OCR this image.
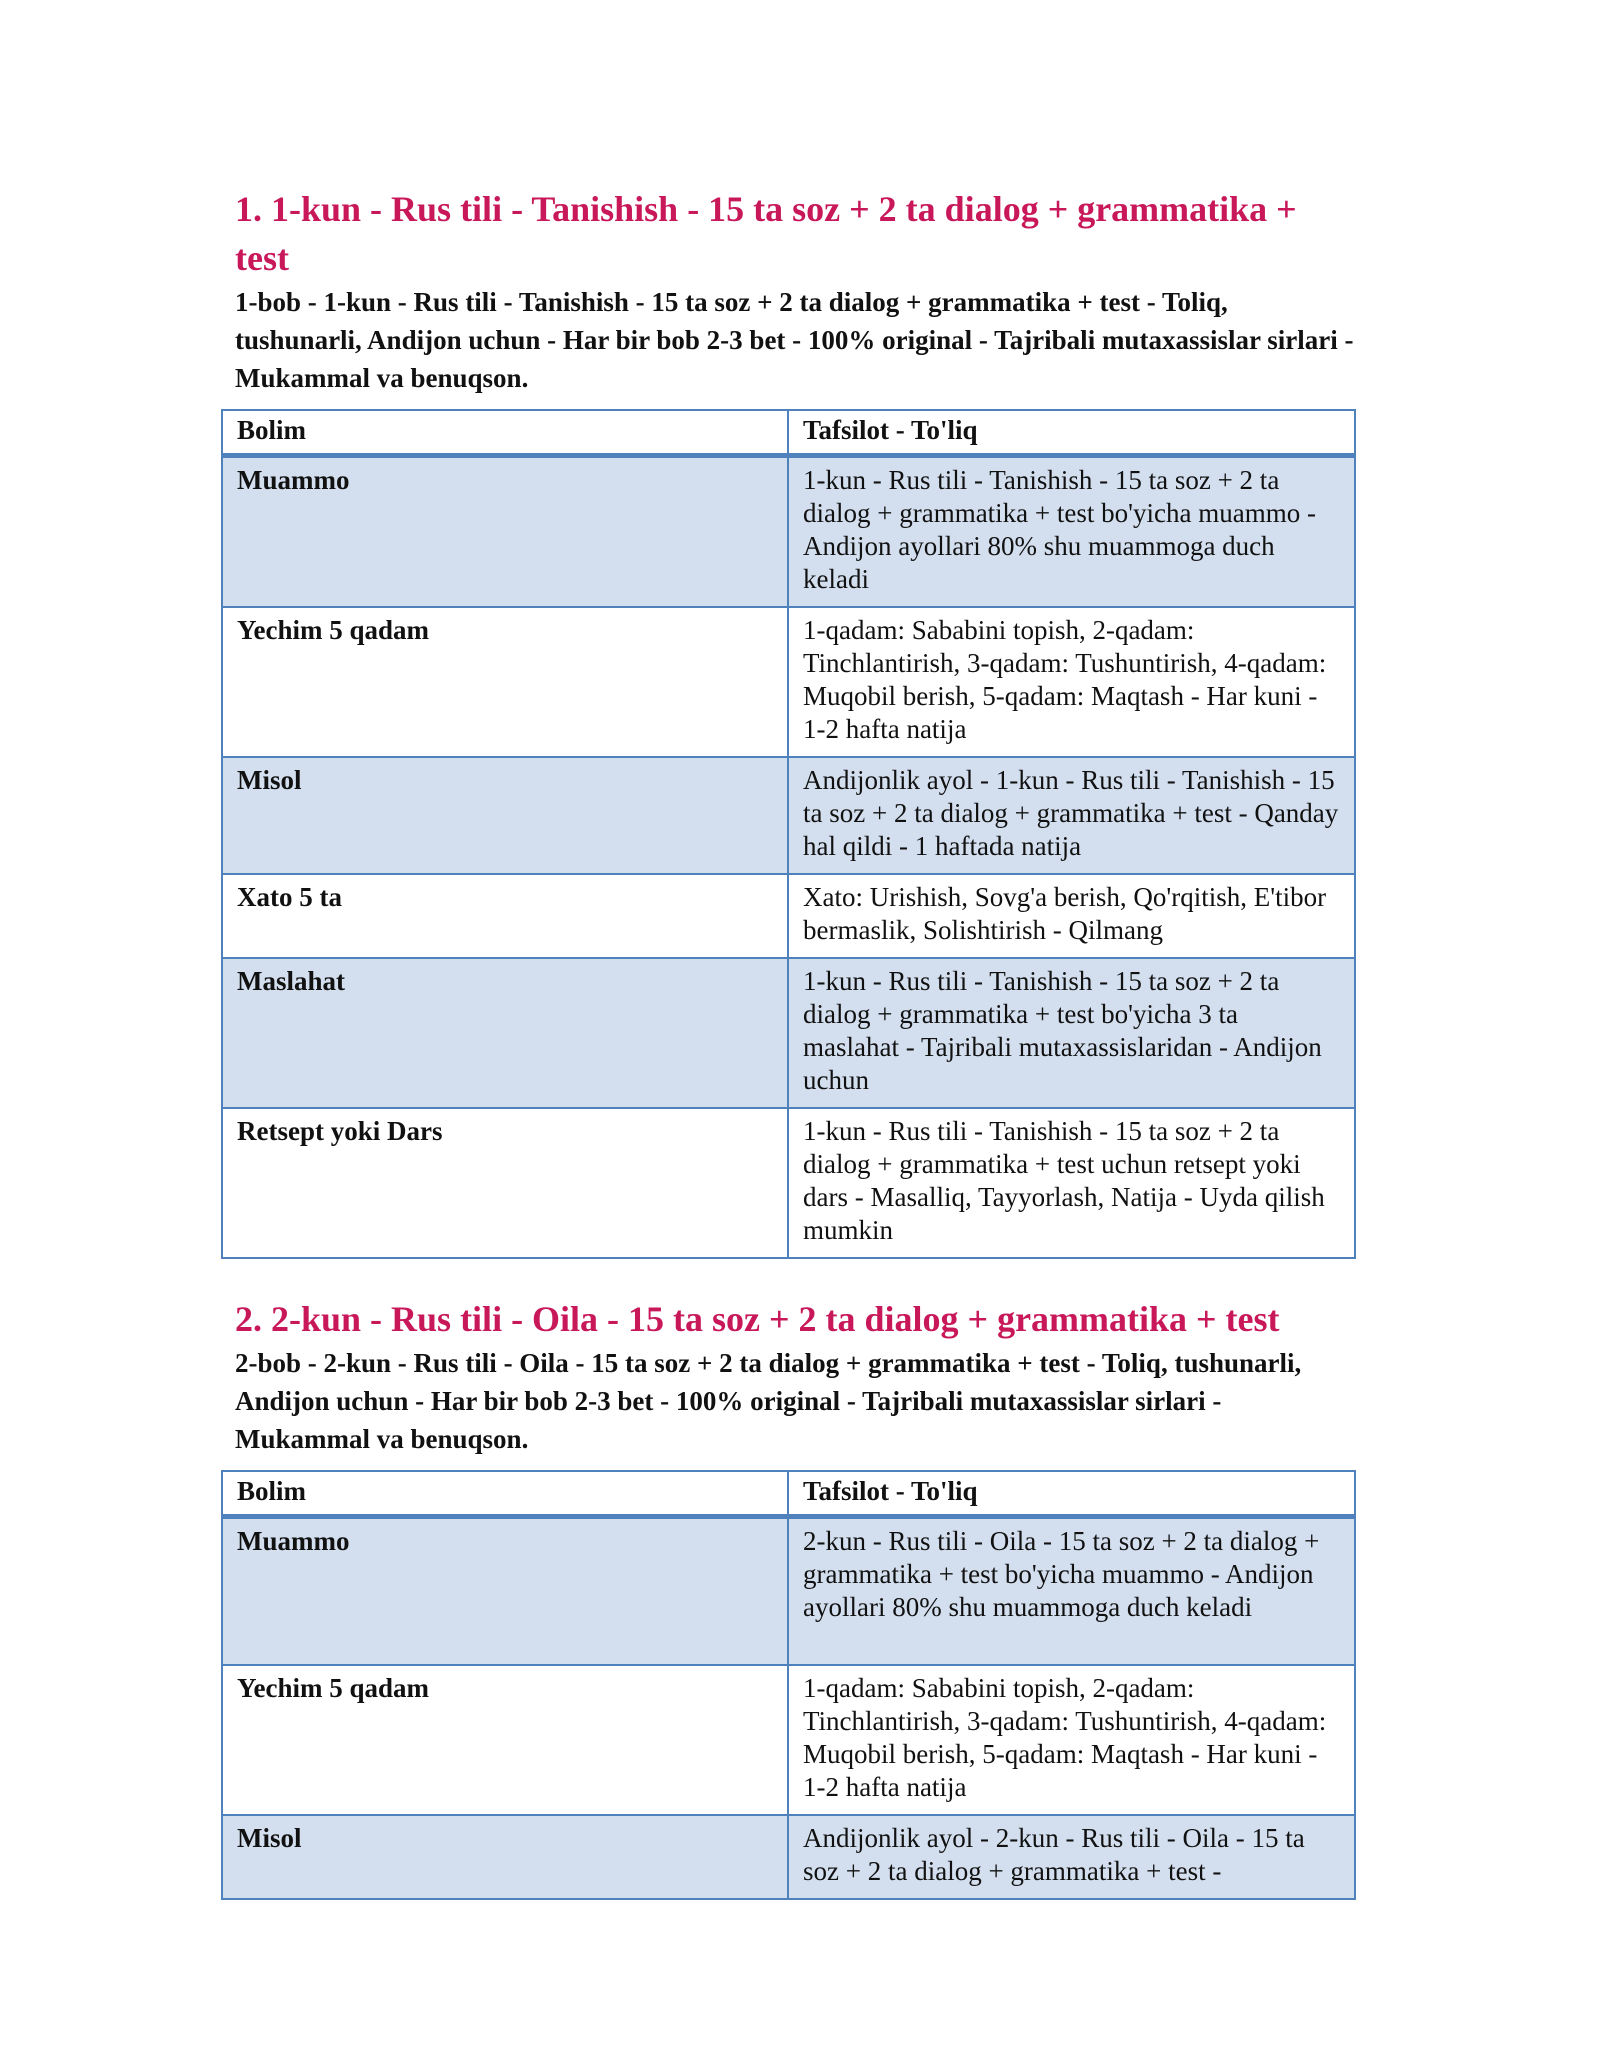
1. 1-kun - Rus tili - Tanishish - 15 ta soz + 2 ta dialog + grammatika + test

1-bob - 1-kun - Rus tili - Tanishish - 15 ta soz + 2 ta dialog + grammatika + test - Toliq, tushunarli, Andijon uchun - Har bir bob 2-3 bet - 100% original - Tajribali mutaxassislar sirlari - Mukammal va benuqson.

Bolim	Tafsilot - To'liq
Muammo	1-kun - Rus tili - Tanishish - 15 ta soz + 2 ta dialog + grammatika + test bo'yicha muammo - Andijon ayollari 80% shu muammoga duch keladi
Yechim 5 qadam	1-qadam: Sababini topish, 2-qadam: Tinchlantirish, 3-qadam: Tushuntirish, 4-qadam: Muqobil berish, 5-qadam: Maqtash - Har kuni - 1-2 hafta natija
Misol	Andijonlik ayol - 1-kun - Rus tili - Tanishish - 15 ta soz + 2 ta dialog + grammatika + test - Qanday hal qildi - 1 haftada natija
Xato 5 ta	Xato: Urishish, Sovg'a berish, Qo'rqitish, E'tibor bermaslik, Solishtirish - Qilmang
Maslahat	1-kun - Rus tili - Tanishish - 15 ta soz + 2 ta dialog + grammatika + test bo'yicha 3 ta maslahat - Tajribali mutaxassislaridan - Andijon uchun
Retsept yoki Dars	1-kun - Rus tili - Tanishish - 15 ta soz + 2 ta dialog + grammatika + test uchun retsept yoki dars - Masalliq, Tayyorlash, Natija - Uyda qilish mumkin
2. 2-kun - Rus tili - Oila - 15 ta soz + 2 ta dialog + grammatika + test

2-bob - 2-kun - Rus tili - Oila - 15 ta soz + 2 ta dialog + grammatika + test - Toliq, tushunarli, Andijon uchun - Har bir bob 2-3 bet - 100% original - Tajribali mutaxassislar sirlari - Mukammal va benuqson.

Bolim	Tafsilot - To'liq
Muammo	2-kun - Rus tili - Oila - 15 ta soz + 2 ta dialog + grammatika + test bo'yicha muammo - Andijon ayollari 80% shu muammoga duch keladi
Yechim 5 qadam	1-qadam: Sababini topish, 2-qadam: Tinchlantirish, 3-qadam: Tushuntirish, 4-qadam: Muqobil berish, 5-qadam: Maqtash - Har kuni - 1-2 hafta natija
Misol	Andijonlik ayol - 2-kun - Rus tili - Oila - 15 ta soz + 2 ta dialog + grammatika + test -
